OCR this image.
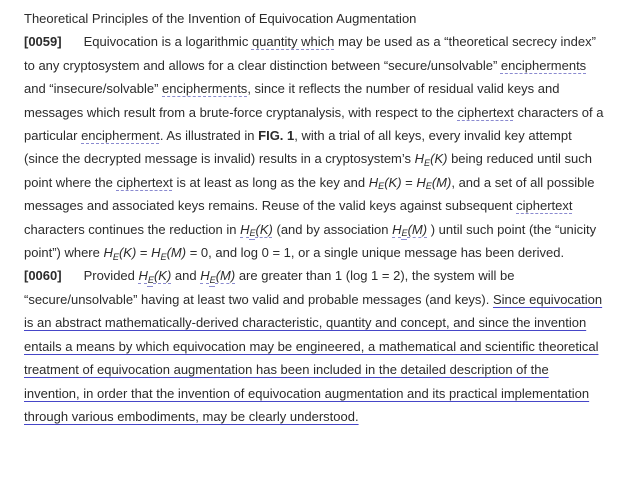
Theoretical Principles of the Invention of Equivocation Augmentation
[0059] Equivocation is a logarithmic quantity which may be used as a “theoretical secrecy index” to any cryptosystem and allows for a clear distinction between “secure/unsolvable” encipherments and “insecure/solvable” encipherments, since it reflects the number of residual valid keys and messages which result from a brute-force cryptanalysis, with respect to the ciphertext characters of a particular encipherment. As illustrated in FIG. 1, with a trial of all keys, every invalid key attempt (since the decrypted message is invalid) results in a cryptosystem’s HE(K) being reduced until such point where the ciphertext is at least as long as the key and HE(K) = HE(M), and a set of all possible messages and associated keys remains. Reuse of the valid keys against subsequent ciphertext characters continues the reduction in HE(K) (and by association HE(M) ) until such point (the “unicity point”) where HE(K) = HE(M) = 0, and log 0 = 1, or a single unique message has been derived.
[0060] Provided HE(K) and HE(M) are greater than 1 (log 1 = 2), the system will be “secure/unsolvable” having at least two valid and probable messages (and keys). Since equivocation is an abstract mathematically-derived characteristic, quantity and concept, and since the invention entails a means by which equivocation may be engineered, a mathematical and scientific theoretical treatment of equivocation augmentation has been included in the detailed description of the invention, in order that the invention of equivocation augmentation and its practical implementation through various embodiments, may be clearly understood.
